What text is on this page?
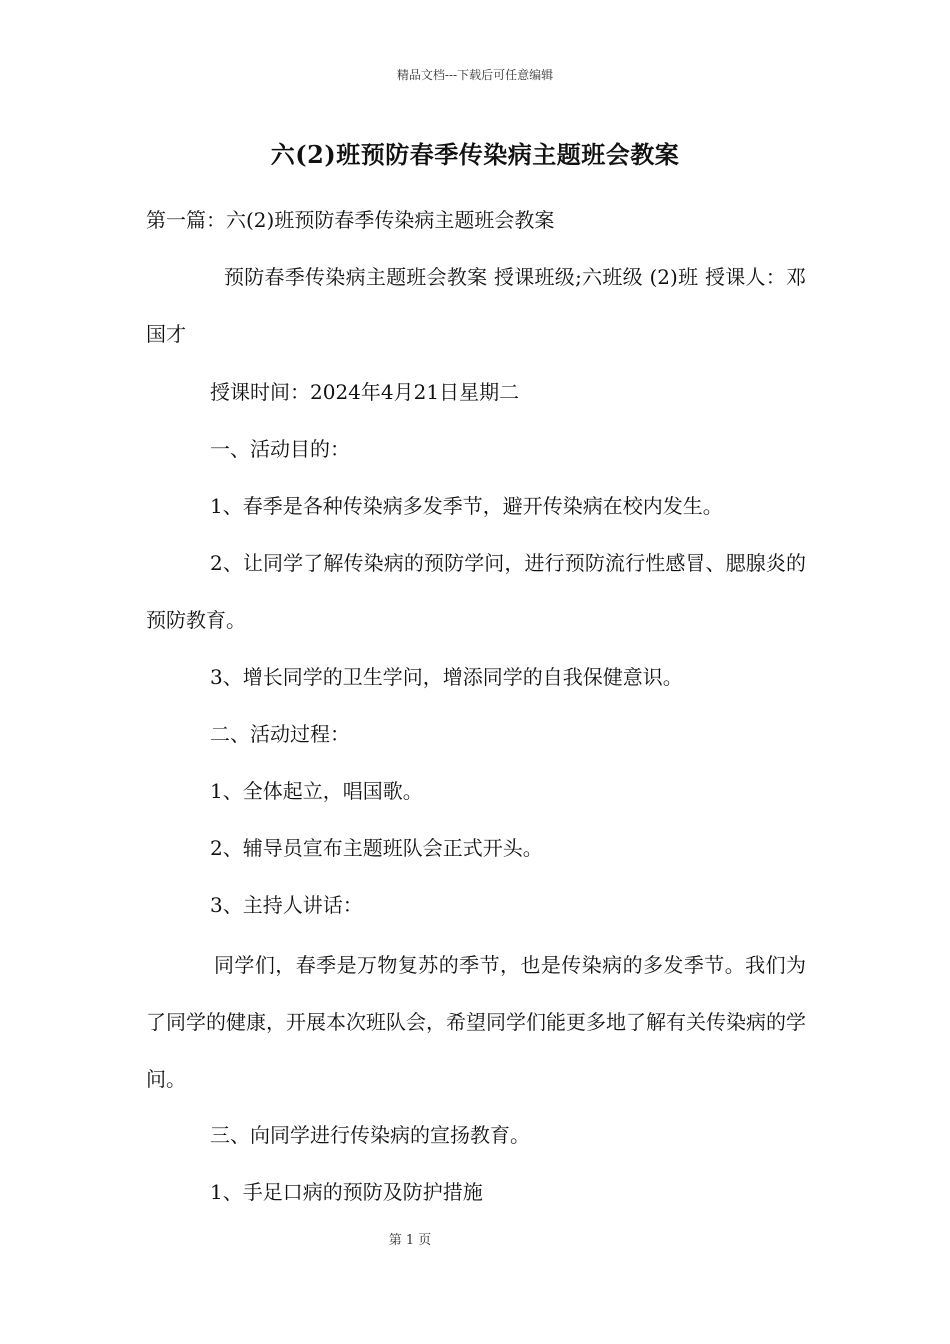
精品文档---下载后可任意编辑
六(2)班预防春季传染病主题班会教案
第一篇：六(2)班预防春季传染病主题班会教案
预防春季传染病主题班会教案 授课班级;六班级 (2)班 授课人：邓国才
授课时间：2024年4月21日星期二
一、活动目的：
1、春季是各种传染病多发季节，避开传染病在校内发生。
2、让同学了解传染病的预防学问，进行预防流行性感冒、腮腺炎的预防教育。
3、增长同学的卫生学问，增添同学的自我保健意识。
二、活动过程：
1、全体起立，唱国歌。
2、辅导员宣布主题班队会正式开头。
3、主持人讲话：
同学们，春季是万物复苏的季节，也是传染病的多发季节。我们为了同学的健康，开展本次班队会，希望同学们能更多地了解有关传染病的学问。
三、向同学进行传染病的宣扬教育。
1、手足口病的预防及防护措施
第 1 页
